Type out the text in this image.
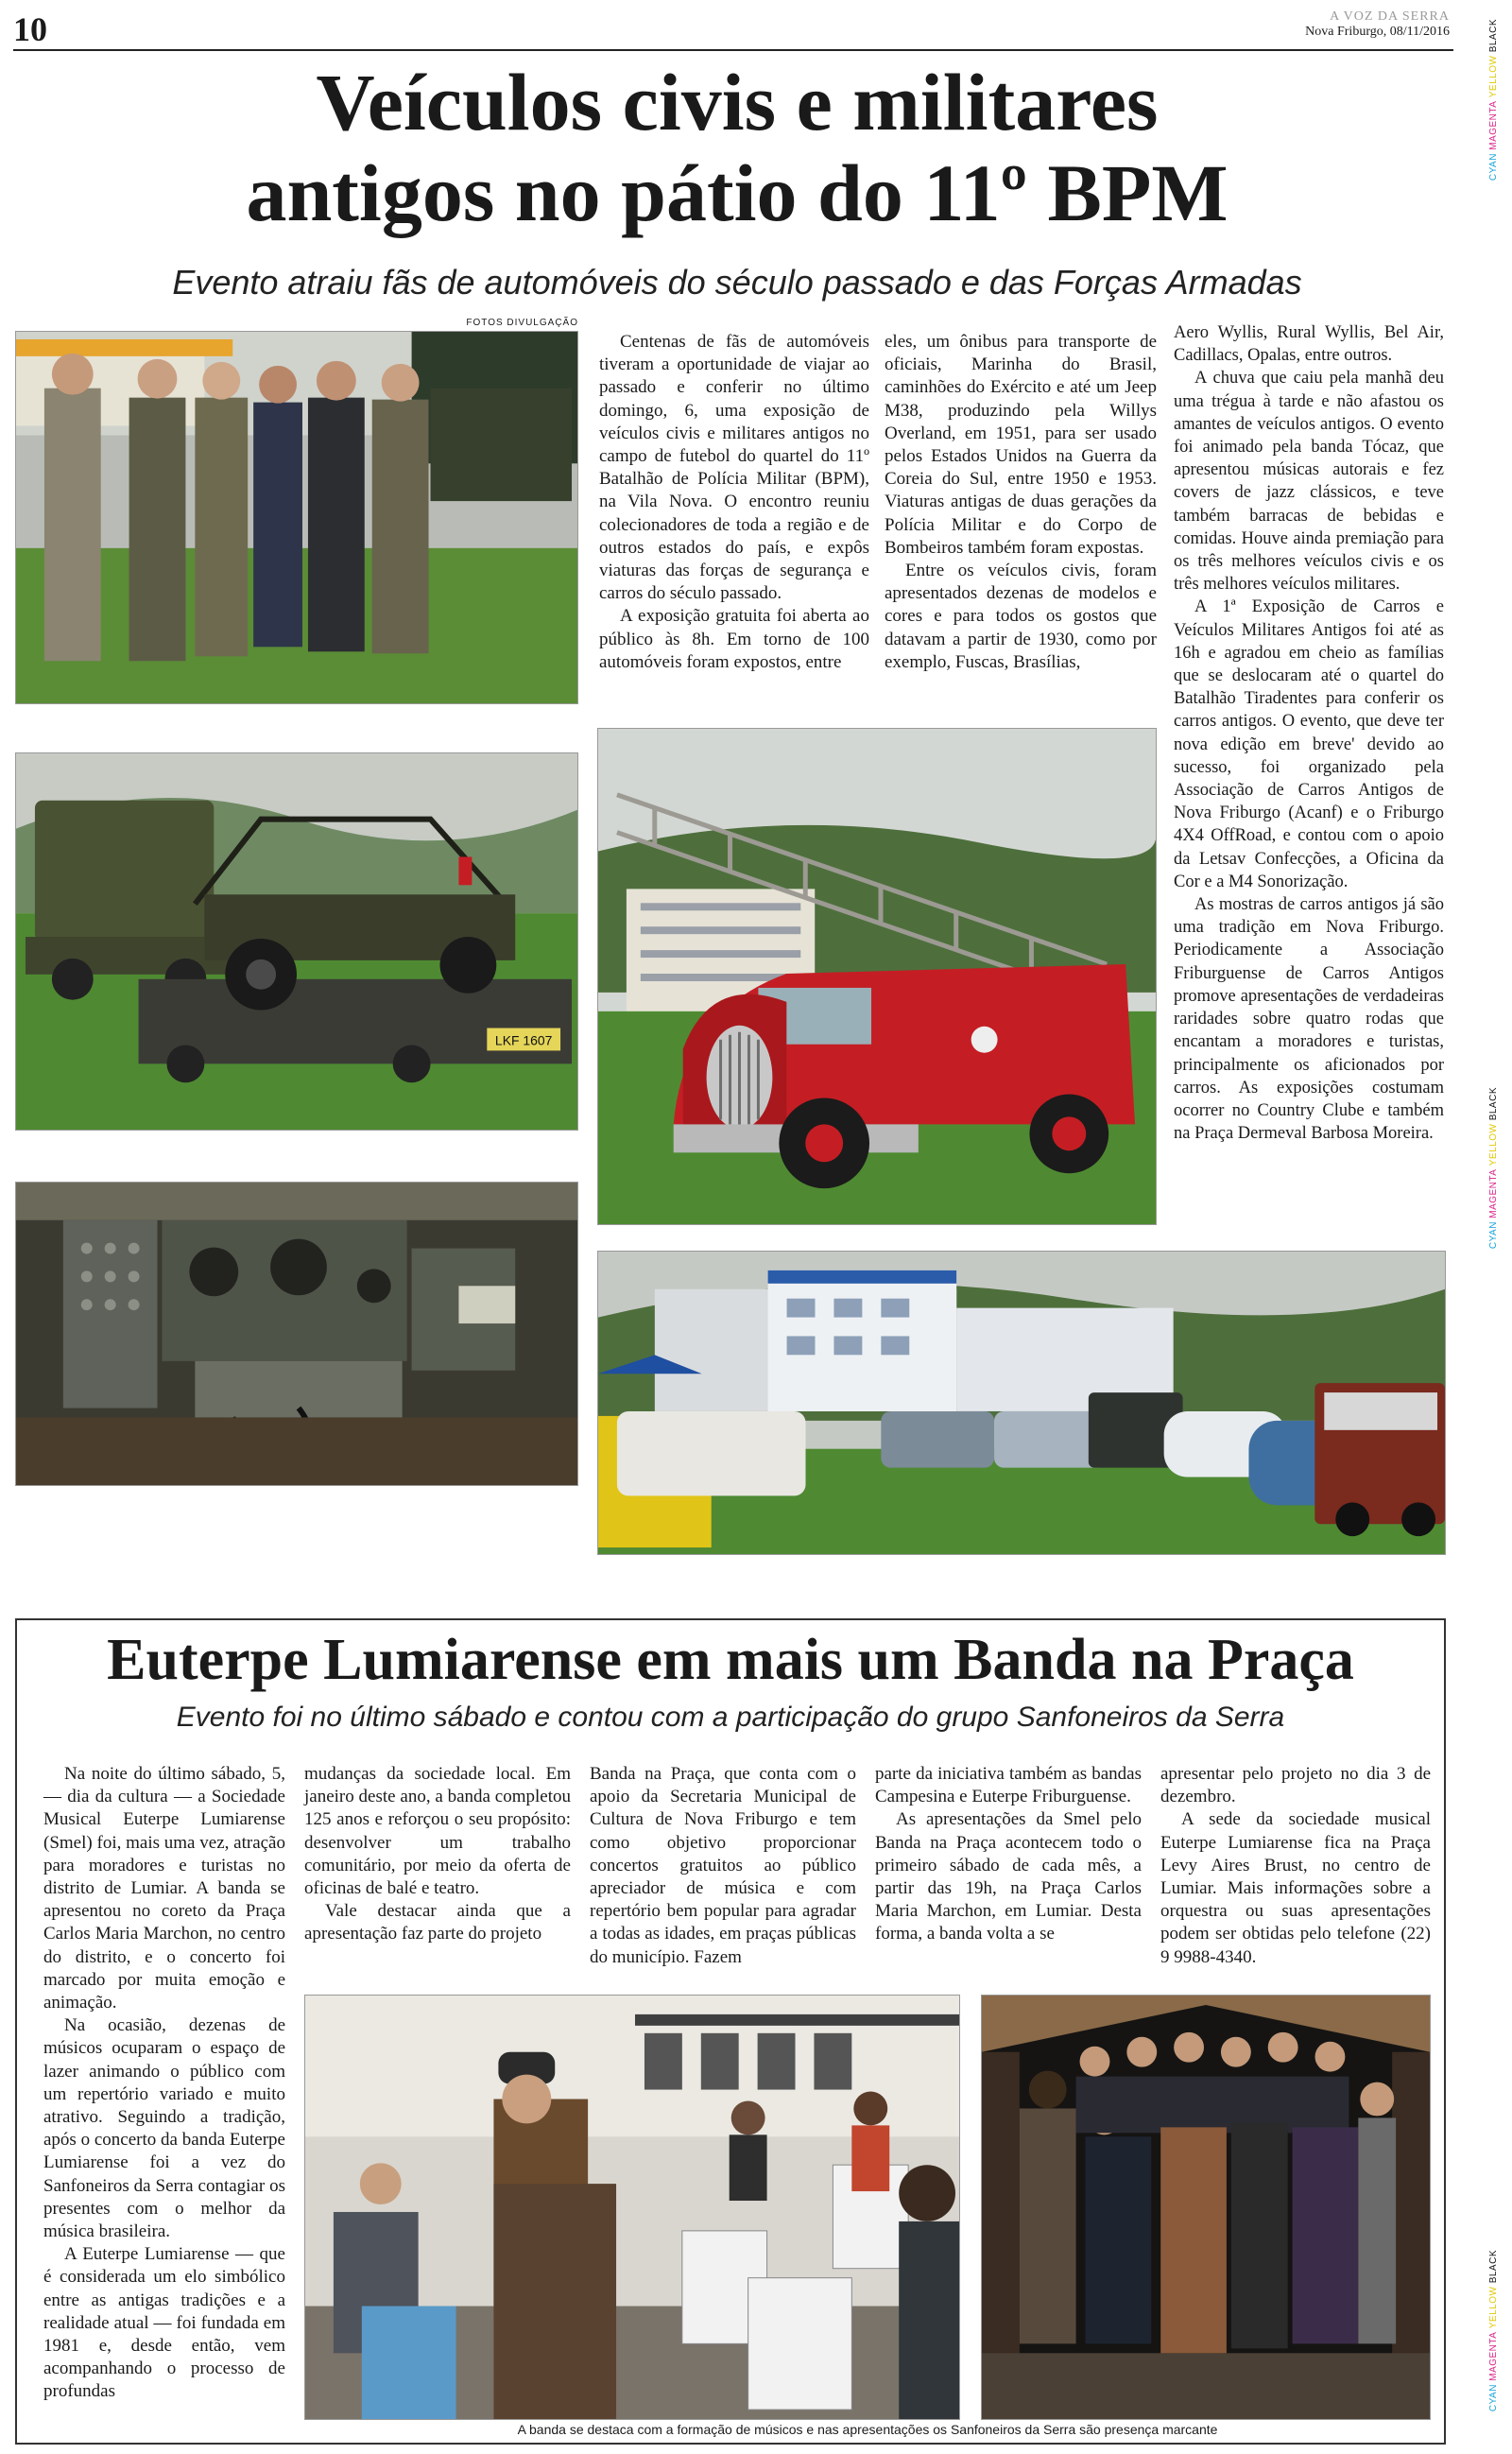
10	A VOZ DA SERRA
Nova Friburgo, 08/11/2016
CYAN MAGENTA YELLOW BLACK
CYAN MAGENTA YELLOW BLACK
CYAN MAGENTA YELLOW BLACK
Veículos civis e militares
antigos no pátio do 11º BPM
Evento atraiu fãs de automóveis do século passado e das Forças Armadas
FOTOS DIVULGAÇÃO
LKF 1607

Centenas de fãs de automóveis tiveram a oportunidade de viajar ao passado e conferir no último domingo, 6, uma exposição de veículos civis e militares antigos no campo de futebol do quartel do 11º Batalhão de Polícia Militar (BPM), na Vila Nova. O encontro reuniu colecionadores de toda a região e de outros estados do país, e expôs viaturas das forças de segurança e carros do século passado.

A exposição gratuita foi aberta ao público às 8h. Em torno de 100 automóveis foram expostos, entre

eles, um ônibus para transporte de oficiais, Marinha do Brasil, caminhões do Exército e até um Jeep M38, produzindo pela Willys Overland, em 1951, para ser usado pelos Estados Unidos na Guerra da Coreia do Sul, entre 1950 e 1953. Viaturas antigas de duas gerações da Polícia Militar e do Corpo de Bombeiros também foram expostas.

Entre os veículos civis, foram apresentados dezenas de modelos e cores e para todos os gostos que datavam a partir de 1930, como por exemplo, Fuscas, Brasílias,

Aero Wyllis, Rural Wyllis, Bel Air, Cadillacs, Opalas, entre outros.

A chuva que caiu pela manhã deu uma trégua à tarde e não afastou os amantes de veículos antigos. O evento foi animado pela banda Tócaz, que apresentou músicas autorais e fez covers de jazz clássicos, e teve também barracas de bebidas e comidas. Houve ainda premiação para os três melhores veículos civis e os três melhores veículos militares.

A 1ª Exposição de Carros e Veículos Militares Antigos foi até as 16h e agradou em cheio as famílias que se deslocaram até o quartel do Batalhão Tiradentes para conferir os carros antigos. O evento, que deve ter nova edição em breve' devido ao sucesso, foi organizado pela Associação de Carros Antigos de Nova Friburgo (Acanf) e o Friburgo 4X4 OffRoad, e contou com o apoio da Letsav Confecções, a Oficina da Cor e a M4 Sonorização.

As mostras de carros antigos já são uma tradição em Nova Friburgo. Periodicamente a Associação Friburguense de Carros Antigos promove apresentações de verdadeiras raridades sobre quatro rodas que encantam a moradores e turistas, principalmente os aficionados por carros. As exposições costumam ocorrer no Country Clube e também na Praça Dermeval Barbosa Moreira.

Euterpe Lumiarense em mais um Banda na Praça
Evento foi no último sábado e contou com a participação do grupo Sanfoneiros da Serra

Na noite do último sábado, 5, — dia da cultura — a Sociedade Musical Euterpe Lumiarense (Smel) foi, mais uma vez, atração para moradores e turistas no distrito de Lumiar. A banda se apresentou no coreto da Praça Carlos Maria Marchon, no centro do distrito, e o concerto foi marcado por muita emoção e animação.

Na ocasião, dezenas de músicos ocuparam o espaço de lazer animando o público com um repertório variado e muito atrativo. Seguindo a tradição, após o concerto da banda Euterpe Lumiarense foi a vez do Sanfoneiros da Serra contagiar os presentes com o melhor da música brasileira.

A Euterpe Lumiarense — que é considerada um elo simbólico entre as antigas tradições e a realidade atual — foi fundada em 1981 e, desde então, vem acompanhando o processo de profundas

mudanças da sociedade local. Em janeiro deste ano, a banda completou 125 anos e reforçou o seu propósito: desenvolver um trabalho comunitário, por meio da oferta de oficinas de balé e teatro.

Vale destacar ainda que a apresentação faz parte do projeto

Banda na Praça, que conta com o apoio da Secretaria Municipal de Cultura de Nova Friburgo e tem como objetivo proporcionar concertos gratuitos ao público apreciador de música e com repertório bem popular para agradar a todas as idades, em praças públicas do município. Fazem

parte da iniciativa também as bandas Campesina e Euterpe Friburguense.

As apresentações da Smel pelo Banda na Praça acontecem todo o primeiro sábado de cada mês, a partir das 19h, na Praça Carlos Maria Marchon, em Lumiar. Desta forma, a banda volta a se

apresentar pelo projeto no dia 3 de dezembro.

A sede da sociedade musical Euterpe Lumiarense fica na Praça Levy Aires Brust, no centro de Lumiar. Mais informações sobre a orquestra ou suas apresentações podem ser obtidas pelo telefone (22) 9 9988-4340.

A banda se destaca com a formação de músicos e nas apresentações os Sanfoneiros da Serra são presença marcante
